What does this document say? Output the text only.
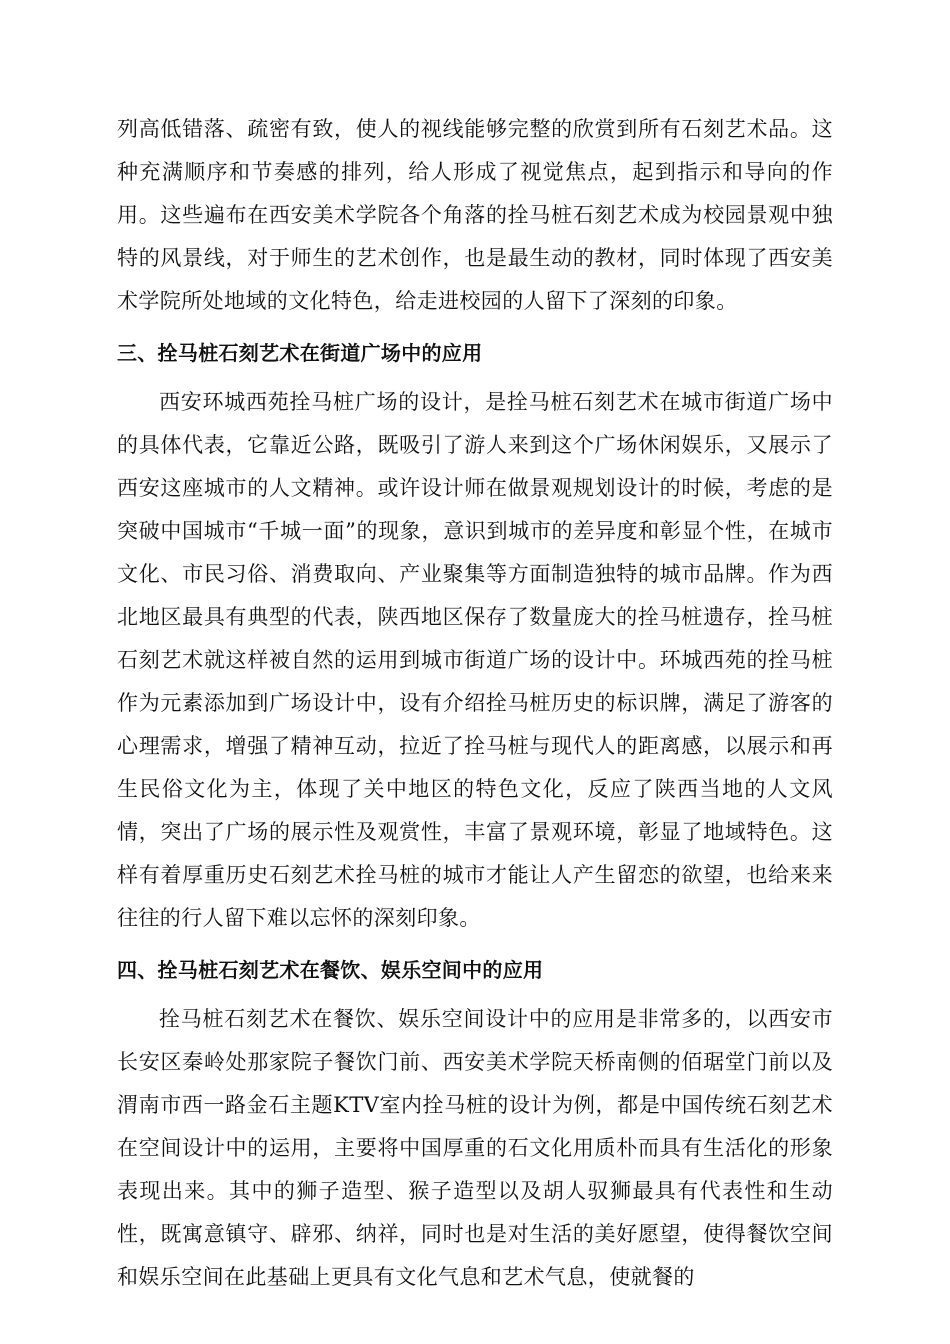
列高低错落、疏密有致，使人的视线能够完整的欣赏到所有石刻艺术品。这种充满顺序和节奏感的排列，给人形成了视觉焦点，起到指示和导向的作用。这些遍布在西安美术学院各个角落的拴马桩石刻艺术成为校园景观中独特的风景线，对于师生的艺术创作，也是最生动的教材，同时体现了西安美术学院所处地域的文化特色，给走进校园的人留下了深刻的印象。

三、拴马桩石刻艺术在街道广场中的应用

西安环城西苑拴马桩广场的设计，是拴马桩石刻艺术在城市街道广场中的具体代表，它靠近公路，既吸引了游人来到这个广场休闲娱乐，又展示了西安这座城市的人文精神。或许设计师在做景观规划设计的时候，考虑的是突破中国城市“千城一面”的现象，意识到城市的差异度和彰显个性，在城市文化、市民习俗、消费取向、产业聚集等方面制造独特的城市品牌。作为西北地区最具有典型的代表，陕西地区保存了数量庞大的拴马桩遗存，拴马桩石刻艺术就这样被自然的运用到城市街道广场的设计中。环城西苑的拴马桩作为元素添加到广场设计中，设有介绍拴马桩历史的标识牌，满足了游客的心理需求，增强了精神互动，拉近了拴马桩与现代人的距离感，以展示和再生民俗文化为主，体现了关中地区的特色文化，反应了陕西当地的人文风情，突出了广场的展示性及观赏性，丰富了景观环境，彰显了地域特色。这样有着厚重历史石刻艺术拴马桩的城市才能让人产生留恋的欲望，也给来来往往的行人留下难以忘怀的深刻印象。

四、拴马桩石刻艺术在餐饮、娱乐空间中的应用

拴马桩石刻艺术在餐饮、娱乐空间设计中的应用是非常多的，以西安市长安区秦岭处那家院子餐饮门前、西安美术学院天桥南侧的佰琚堂门前以及渭南市西一路金石主题KTV室内拴马桩的设计为例，都是中国传统石刻艺术在空间设计中的运用，主要将中国厚重的石文化用质朴而具有生活化的形象表现出来。其中的狮子造型、猴子造型以及胡人驭狮最具有代表性和生动性，既寓意镇守、辟邪、纳祥，同时也是对生活的美好愿望，使得餐饮空间和娱乐空间在此基础上更具有文化气息和艺术气息，使就餐的
